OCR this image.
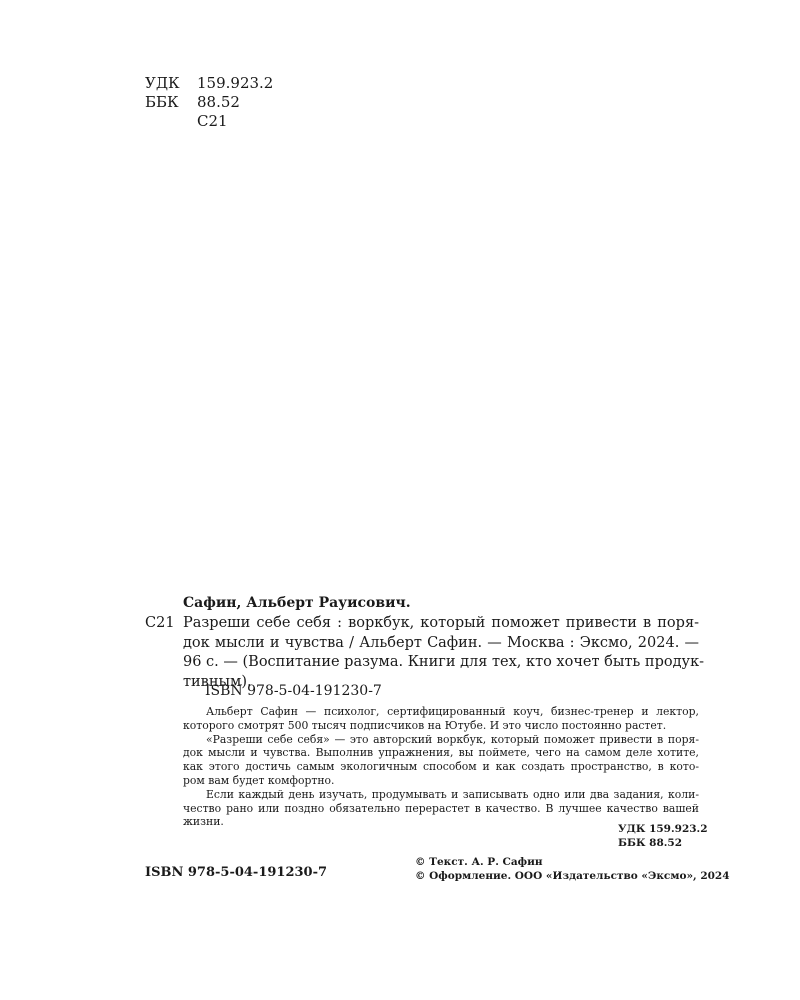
УДК 159.923.2
ББК 88.52
С21
Сафин, Альберт Рауисович.
С21 Разреши себе себя : воркбук, который поможет привести в поря-
док мысли и чувства / Альберт Сафин. — Москва : Эксмо, 2024. —
96 с. — (Воспитание разума. Книги для тех, кто хочет быть продук-
тивным).
ISBN 978-5-04-191230-7
Альберт Сафин — психолог, сертифицированный коуч, бизнес-тренер и лектор,
которого смотрят 500 тысяч подписчиков на Ютубе. И это число постоянно растет.
«Разреши себе себя» — это авторский воркбук, который поможет привести в поря-
док мысли и чувства. Выполнив упражнения, вы поймете, чего на самом деле хотите,
как этого достичь самым экологичным способом и как создать пространство, в кото-
ром вам будет комфортно.
Если каждый день изучать, продумывать и записывать одно или два задания, коли-
чество рано или поздно обязательно перерастет в качество. В лучшее качество вашей
жизни.
УДК 159.923.2
ББК 88.52
ISBN 978-5-04-191230-7
© Текст. А. Р. Сафин
© Оформление. ООО «Издательство «Эксмо», 2024
